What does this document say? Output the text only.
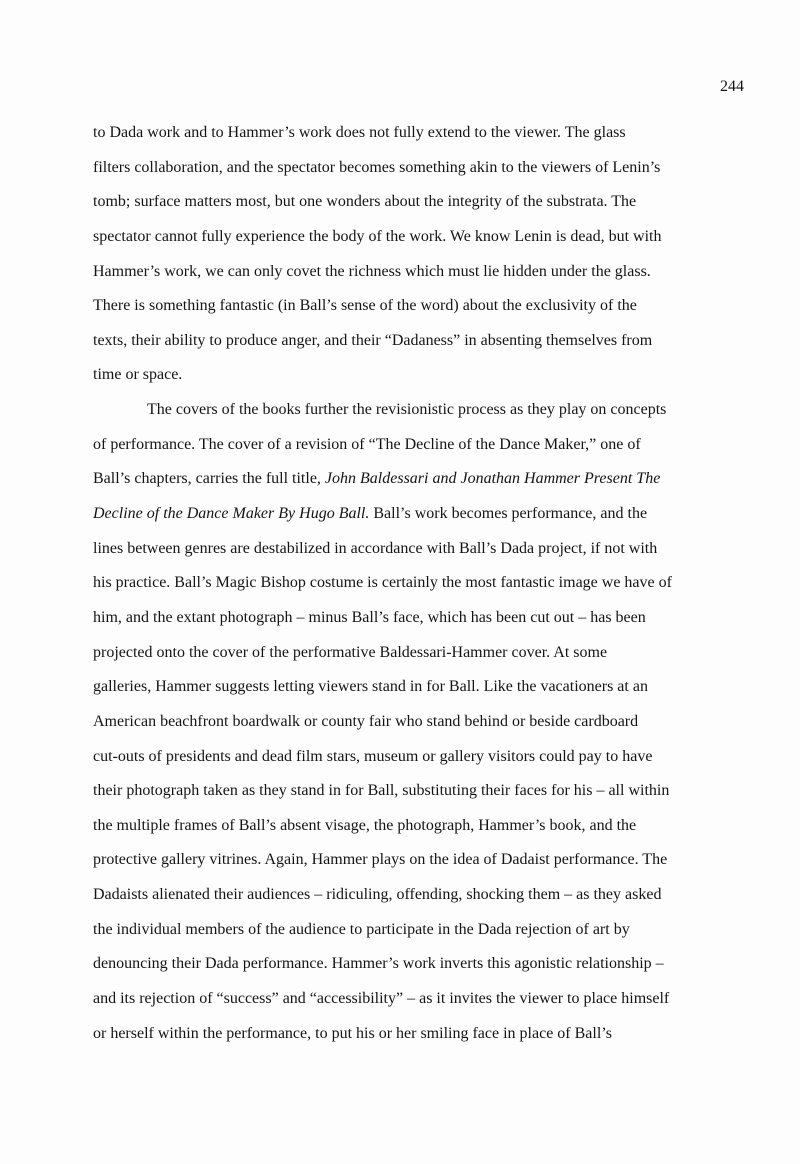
244
to Dada work and to Hammer’s work does not fully extend to the viewer. The glass
filters collaboration, and the spectator becomes something akin to the viewers of Lenin’s
tomb; surface matters most, but one wonders about the integrity of the substrata. The
spectator cannot fully experience the body of the work. We know Lenin is dead, but with
Hammer’s work, we can only covet the richness which must lie hidden under the glass.
There is something fantastic (in Ball’s sense of the word) about the exclusivity of the
texts, their ability to produce anger, and their “Dadaness” in absenting themselves from
time or space.
The covers of the books further the revisionistic process as they play on concepts
of performance. The cover of a revision of “The Decline of the Dance Maker,” one of
Ball’s chapters, carries the full title, John Baldessari and Jonathan Hammer Present The
Decline of the Dance Maker By Hugo Ball. Ball’s work becomes performance, and the
lines between genres are destabilized in accordance with Ball’s Dada project, if not with
his practice. Ball’s Magic Bishop costume is certainly the most fantastic image we have of
him, and the extant photograph – minus Ball’s face, which has been cut out – has been
projected onto the cover of the performative Baldessari-Hammer cover. At some
galleries, Hammer suggests letting viewers stand in for Ball. Like the vacationers at an
American beachfront boardwalk or county fair who stand behind or beside cardboard
cut-outs of presidents and dead film stars, museum or gallery visitors could pay to have
their photograph taken as they stand in for Ball, substituting their faces for his – all within
the multiple frames of Ball’s absent visage, the photograph, Hammer’s book, and the
protective gallery vitrines. Again, Hammer plays on the idea of Dadaist performance. The
Dadaists alienated their audiences – ridiculing, offending, shocking them – as they asked
the individual members of the audience to participate in the Dada rejection of art by
denouncing their Dada performance. Hammer’s work inverts this agonistic relationship –
and its rejection of “success” and “accessibility” – as it invites the viewer to place himself
or herself within the performance, to put his or her smiling face in place of Ball’s
